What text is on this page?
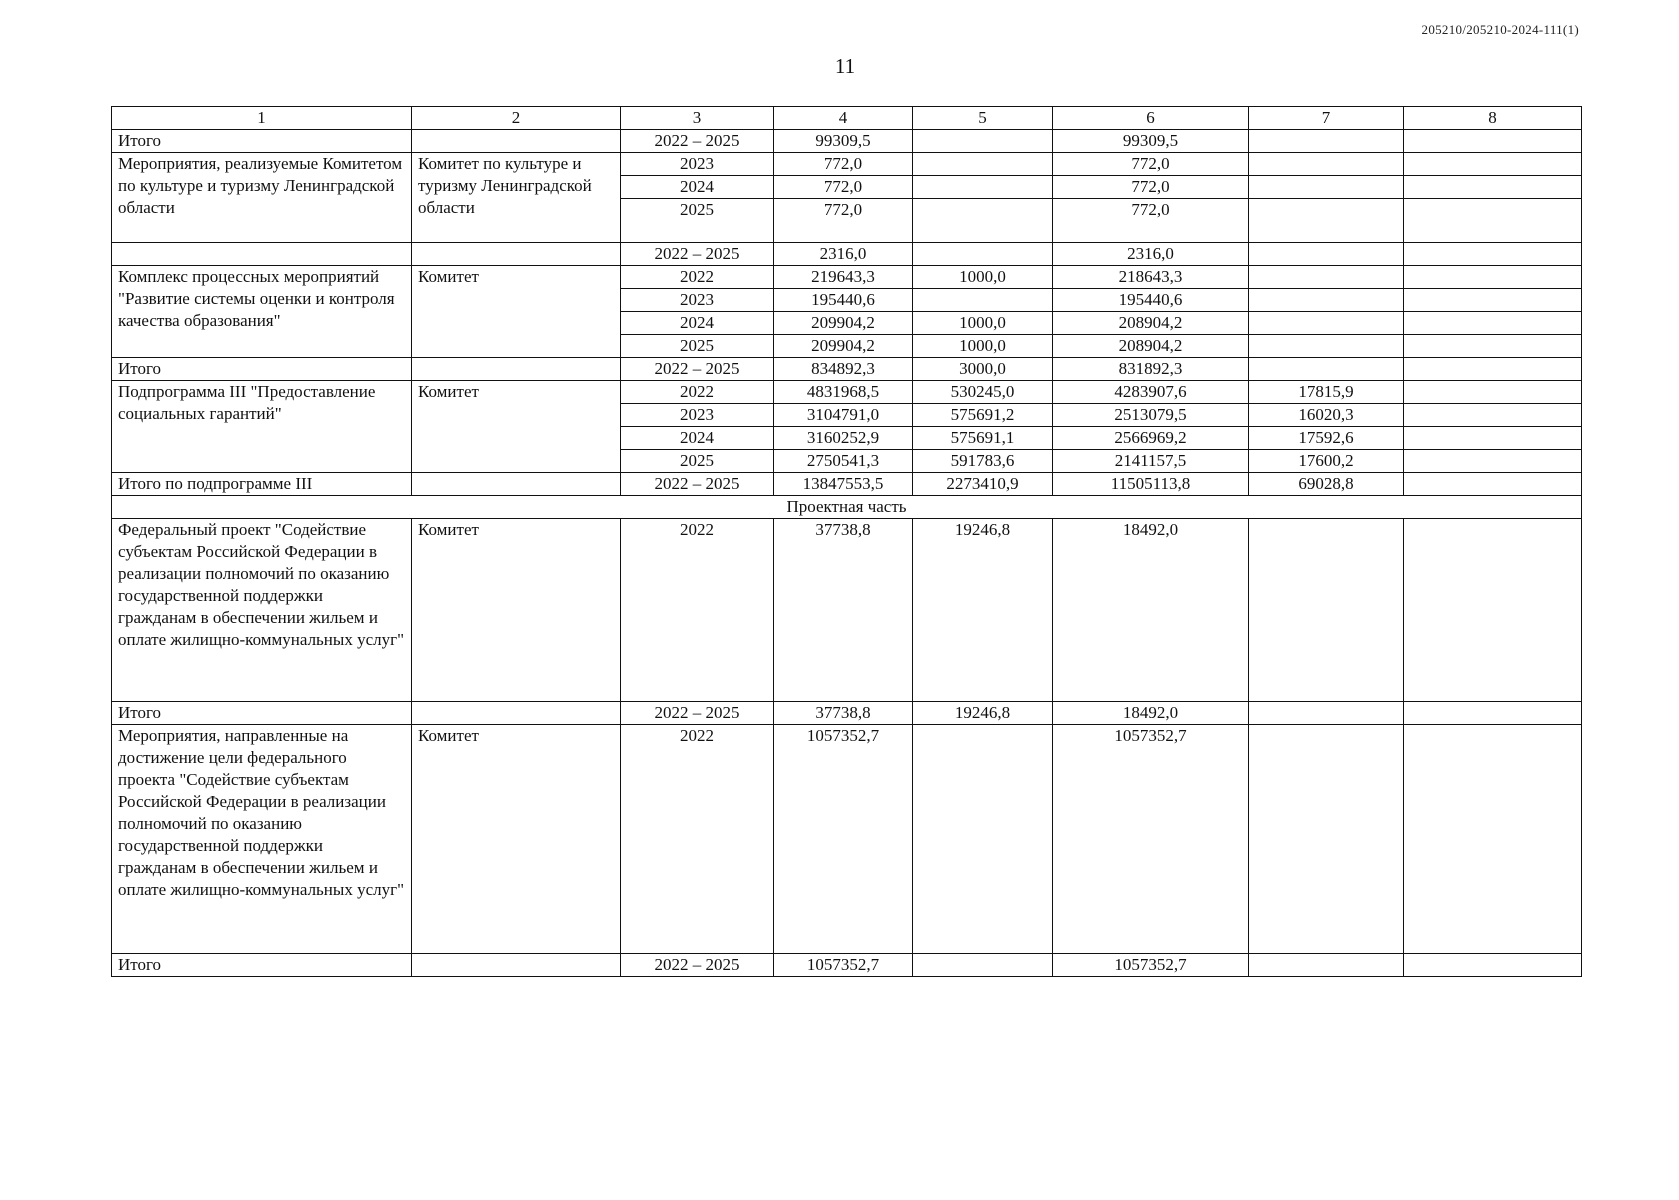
205210/205210-2024-111(1)
11
1	2	3	4	5	6	7	8
Итого		2022 – 2025	99309,5		99309,5		
Мероприятия, реализуемые Комитетом по культуре и туризму Ленинградской области	Комитет по культуре и туризму Ленинградской области	2023	772,0		772,0		
		2024	772,0		772,0		
		2025	772,0		772,0		
		2022 – 2025	2316,0		2316,0		
Комплекс процессных мероприятий "Развитие системы оценки и контроля качества образования"	Комитет	2022	219643,3	1000,0	218643,3		
		2023	195440,6		195440,6		
		2024	209904,2	1000,0	208904,2		
		2025	209904,2	1000,0	208904,2		
Итого		2022 – 2025	834892,3	3000,0	831892,3		
Подпрограмма III "Предоставление социальных гарантий"	Комитет	2022	4831968,5	530245,0	4283907,6	17815,9	
		2023	3104791,0	575691,2	2513079,5	16020,3	
		2024	3160252,9	575691,1	2566969,2	17592,6	
		2025	2750541,3	591783,6	2141157,5	17600,2	
Итого по подпрограмме III		2022 – 2025	13847553,5	2273410,9	11505113,8	69028,8	
Проектная часть							
Федеральный проект "Содействие субъектам Российской Федерации в реализации полномочий по оказанию государственной поддержки гражданам в обеспечении жильем и оплате жилищно-коммунальных услуг"	Комитет	2022	37738,8	19246,8	18492,0		
Итого		2022 – 2025	37738,8	19246,8	18492,0		
Мероприятия, направленные на достижение цели федерального проекта "Содействие субъектам Российской Федерации в реализации полномочий по оказанию государственной поддержки гражданам в обеспечении жильем и оплате жилищно-коммунальных услуг"	Комитет	2022	1057352,7		1057352,7		
Итого		2022 – 2025	1057352,7		1057352,7		
